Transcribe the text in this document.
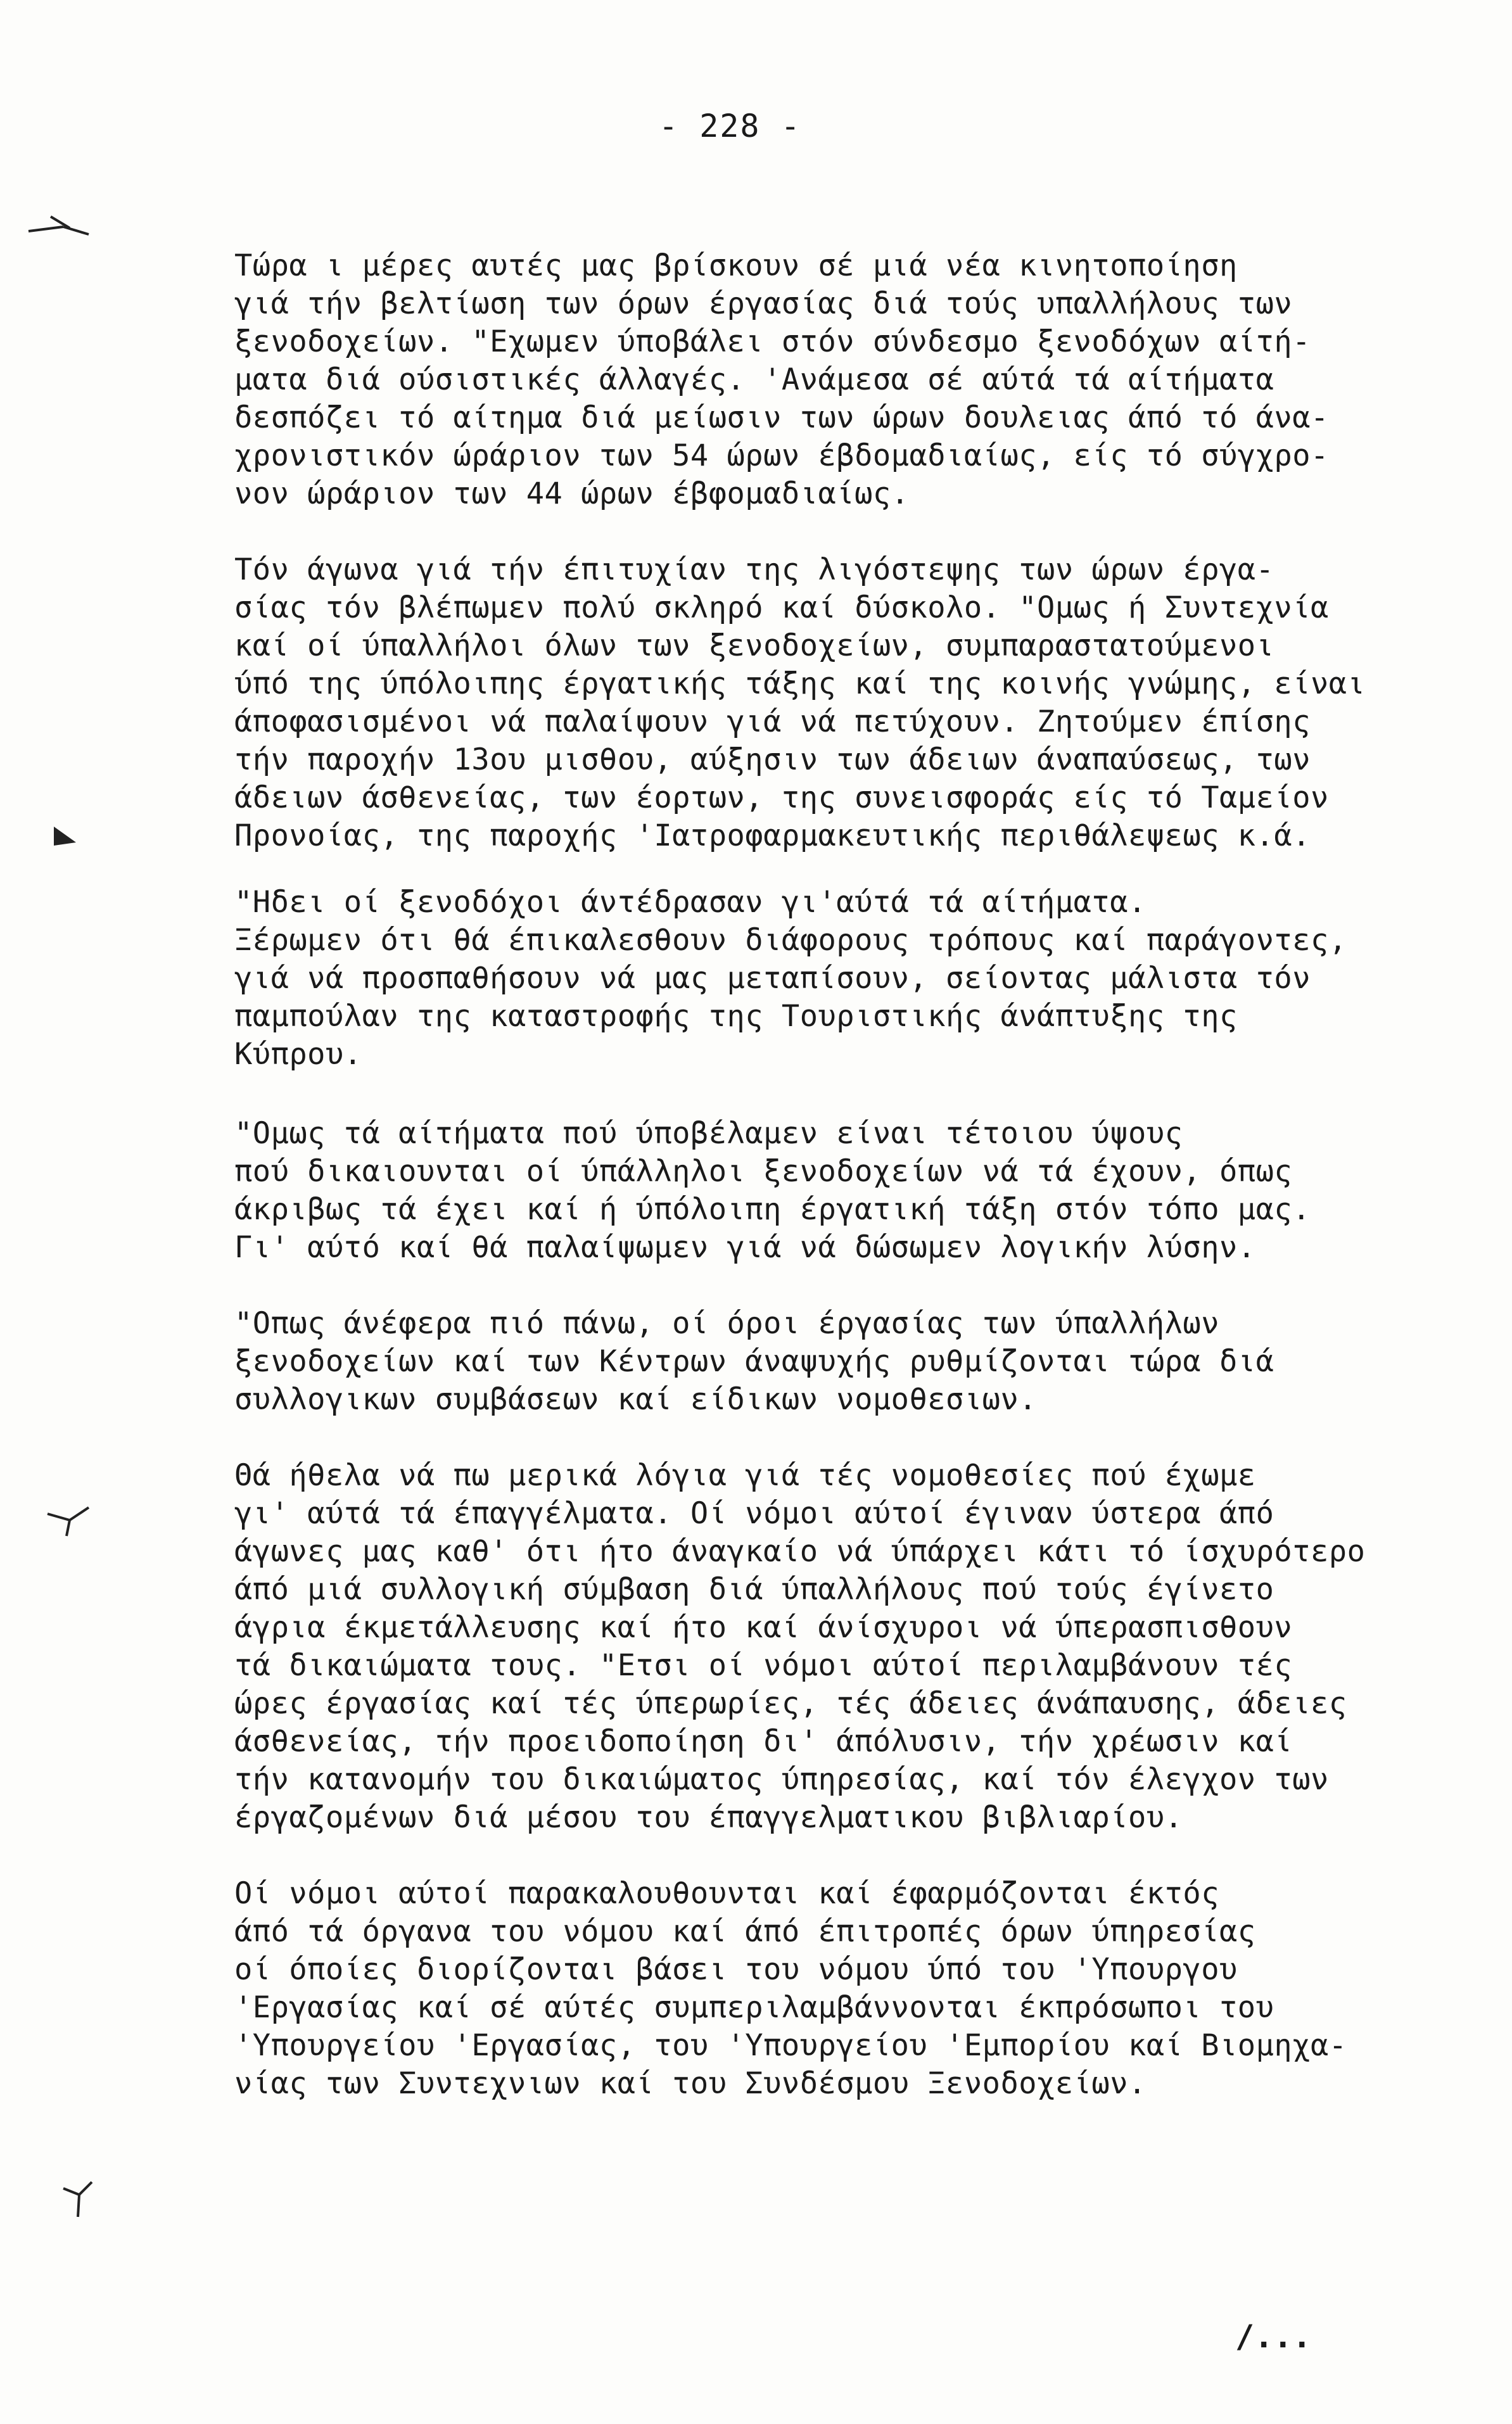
- 228 -

Τώρα ι μέρες αυτές μας βρίσκουν σέ μιά νέα κινητοποίηση
γιά τήν βελτίωση των όρων έργασίας διά τούς υπαλλήλους των
ξενοδοχείων. "Εχωμεν ύποβάλει στόν σύνδεσμο ξενοδόχων αίτή-
ματα διά ούσιστικές άλλαγές. 'Ανάμεσα σέ αύτά τά αίτήματα
δεσπόζει τό αίτημα διά μείωσιν των ώρων δουλειας άπό τό άνα-
χρονιστικόν ώράριον των 54 ώρων έβδομαδιαίως, είς τό σύγχρο-
νον ώράριον των 44 ώρων έβφομαδιαίως.

Τόν άγωνα γιά τήν έπιτυχίαν της λιγόστεψης των ώρων έργα-
σίας τόν βλέπωμεν πολύ σκληρό καί δύσκολο. "Ομως ή Συντεχνία
καί οί ύπαλλήλοι όλων των ξενοδοχείων, συμπαραστατούμενοι
ύπό της ύπόλοιπης έργατικής τάξης καί της κοινής γνώμης, είναι
άποφασισμένοι νά παλαίψουν γιά νά πετύχουν. Ζητούμεν έπίσης
τήν παροχήν 13ου μισθου, αύξησιν των άδειων άναπαύσεως, των
άδειων άσθενείας, των έορτων, της συνεισφοράς είς τό Ταμείον
Προνοίας, της παροχής 'Ιατροφαρμακευτικής περιθάλεψεως κ.ά.

"Ηδει οί ξενοδόχοι άντέδρασαν γι'αύτά τά αίτήματα.
Ξέρωμεν ότι θά έπικαλεσθουν διάφορους τρόπους καί παράγοντες,
γιά νά προσπαθήσουν νά μας μεταπίσουν, σείοντας μάλιστα τόν
παμπούλαν της καταστροφής της Τουριστικής άνάπτυξης της
Κύπρου.

"Ομως τά αίτήματα πού ύποβέλαμεν είναι τέτοιου ύψους
πού δικαιουνται οί ύπάλληλοι ξενοδοχείων νά τά έχουν, όπως
άκριβως τά έχει καί ή ύπόλοιπη έργατική τάξη στόν τόπο μας.
Γι' αύτό καί θά παλαίψωμεν γιά νά δώσωμεν λογικήν λύσην.

"Οπως άνέφερα πιό πάνω, οί όροι έργασίας των ύπαλλήλων
ξενοδοχείων καί των Κέντρων άναψυχής ρυθμίζονται τώρα διά
συλλογικων συμβάσεων καί είδικων νομοθεσιων.

Θά ήθελα νά πω μερικά λόγια γιά τές νομοθεσίες πού έχωμε
γι' αύτά τά έπαγγέλματα. Οί νόμοι αύτοί έγιναν ύστερα άπό
άγωνες μας καθ' ότι ήτο άναγκαίο νά ύπάρχει κάτι τό ίσχυρότερο
άπό μιά συλλογική σύμβαση διά ύπαλλήλους πού τούς έγίνετο
άγρια έκμετάλλευσης καί ήτο καί άνίσχυροι νά ύπερασπισθουν
τά δικαιώματα τους. "Ετσι οί νόμοι αύτοί περιλαμβάνουν τές
ώρες έργασίας καί τές ύπερωρίες, τές άδειες άνάπαυσης, άδειες
άσθενείας, τήν προειδοποίηση δι' άπόλυσιν, τήν χρέωσιν καί
τήν κατανομήν του δικαιώματος ύπηρεσίας, καί τόν έλεγχον των
έργαζομένων διά μέσου του έπαγγελματικου βιβλιαρίου.

Οί νόμοι αύτοί παρακαλουθουνται καί έφαρμόζονται έκτός
άπό τά όργανα του νόμου καί άπό έπιτροπές όρων ύπηρεσίας
οί όποίες διορίζονται βάσει του νόμου ύπό του 'Υπουργου
'Εργασίας καί σέ αύτές συμπεριλαμβάννονται έκπρόσωποι του
'Υπουργείου 'Εργασίας, του 'Υπουργείου 'Εμπορίου καί Βιομηχα-
νίας των Συντεχνιων καί του Συνδέσμου Ξενοδοχείων.

/...
